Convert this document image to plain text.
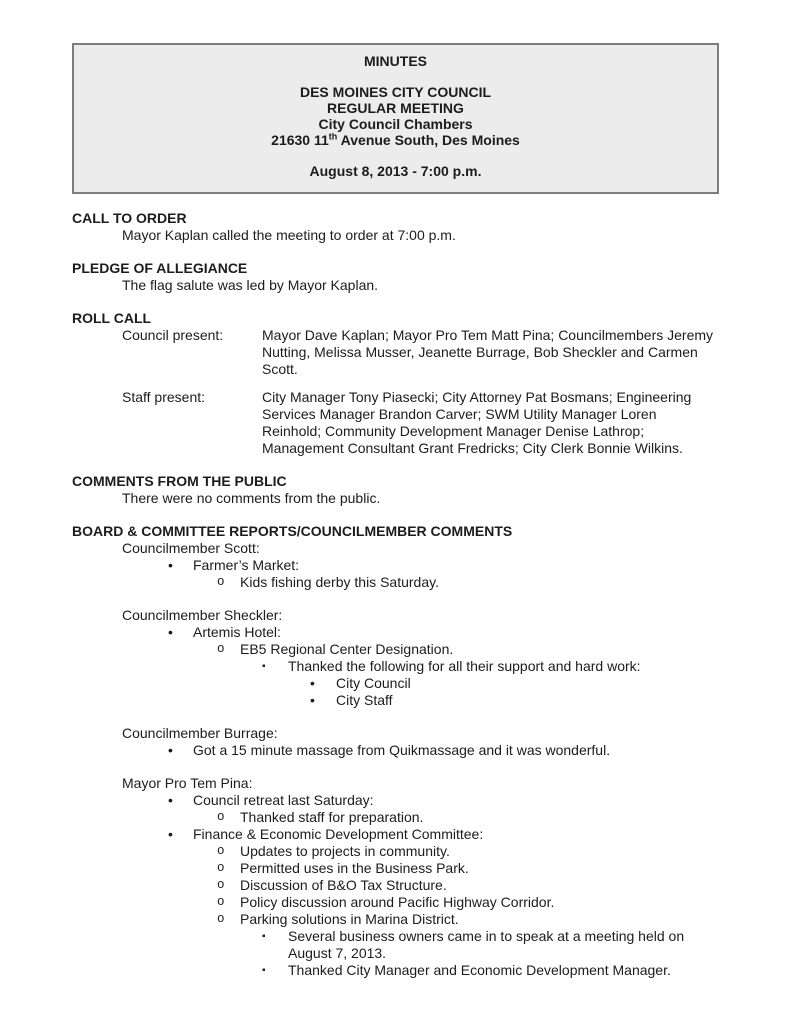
MINUTES
DES MOINES CITY COUNCIL
REGULAR MEETING
City Council Chambers
21630 11th Avenue South, Des Moines
August 8, 2013 - 7:00 p.m.
CALL TO ORDER
Mayor Kaplan called the meeting to order at 7:00 p.m.
PLEDGE OF ALLEGIANCE
The flag salute was led by Mayor Kaplan.
ROLL CALL
Council present:	Mayor Dave Kaplan; Mayor Pro Tem Matt Pina; Councilmembers Jeremy Nutting, Melissa Musser, Jeanette Burrage, Bob Sheckler and Carmen Scott.
Staff present:	City Manager Tony Piasecki; City Attorney Pat Bosmans; Engineering Services Manager Brandon Carver; SWM Utility Manager Loren Reinhold; Community Development Manager Denise Lathrop; Management Consultant Grant Fredricks; City Clerk Bonnie Wilkins.
COMMENTS FROM THE PUBLIC
There were no comments from the public.
BOARD & COMMITTEE REPORTS/COUNCILMEMBER COMMENTS
Councilmember Scott:
•	Farmer’s Market:
o	Kids fishing derby this Saturday.
Councilmember Sheckler:
•	Artemis Hotel:
o	EB5 Regional Center Designation.
▪	Thanked the following for all their support and hard work:
•	City Council
•	City Staff
Councilmember Burrage:
•	Got a 15 minute massage from Quikmassage and it was wonderful.
Mayor Pro Tem Pina:
•	Council retreat last Saturday:
o	Thanked staff for preparation.
•	Finance & Economic Development Committee:
o	Updates to projects in community.
o	Permitted uses in the Business Park.
o	Discussion of B&O Tax Structure.
o	Policy discussion around Pacific Highway Corridor.
o	Parking solutions in Marina District.
▪	Several business owners came in to speak at a meeting held on August 7, 2013.
▪	Thanked City Manager and Economic Development Manager.
